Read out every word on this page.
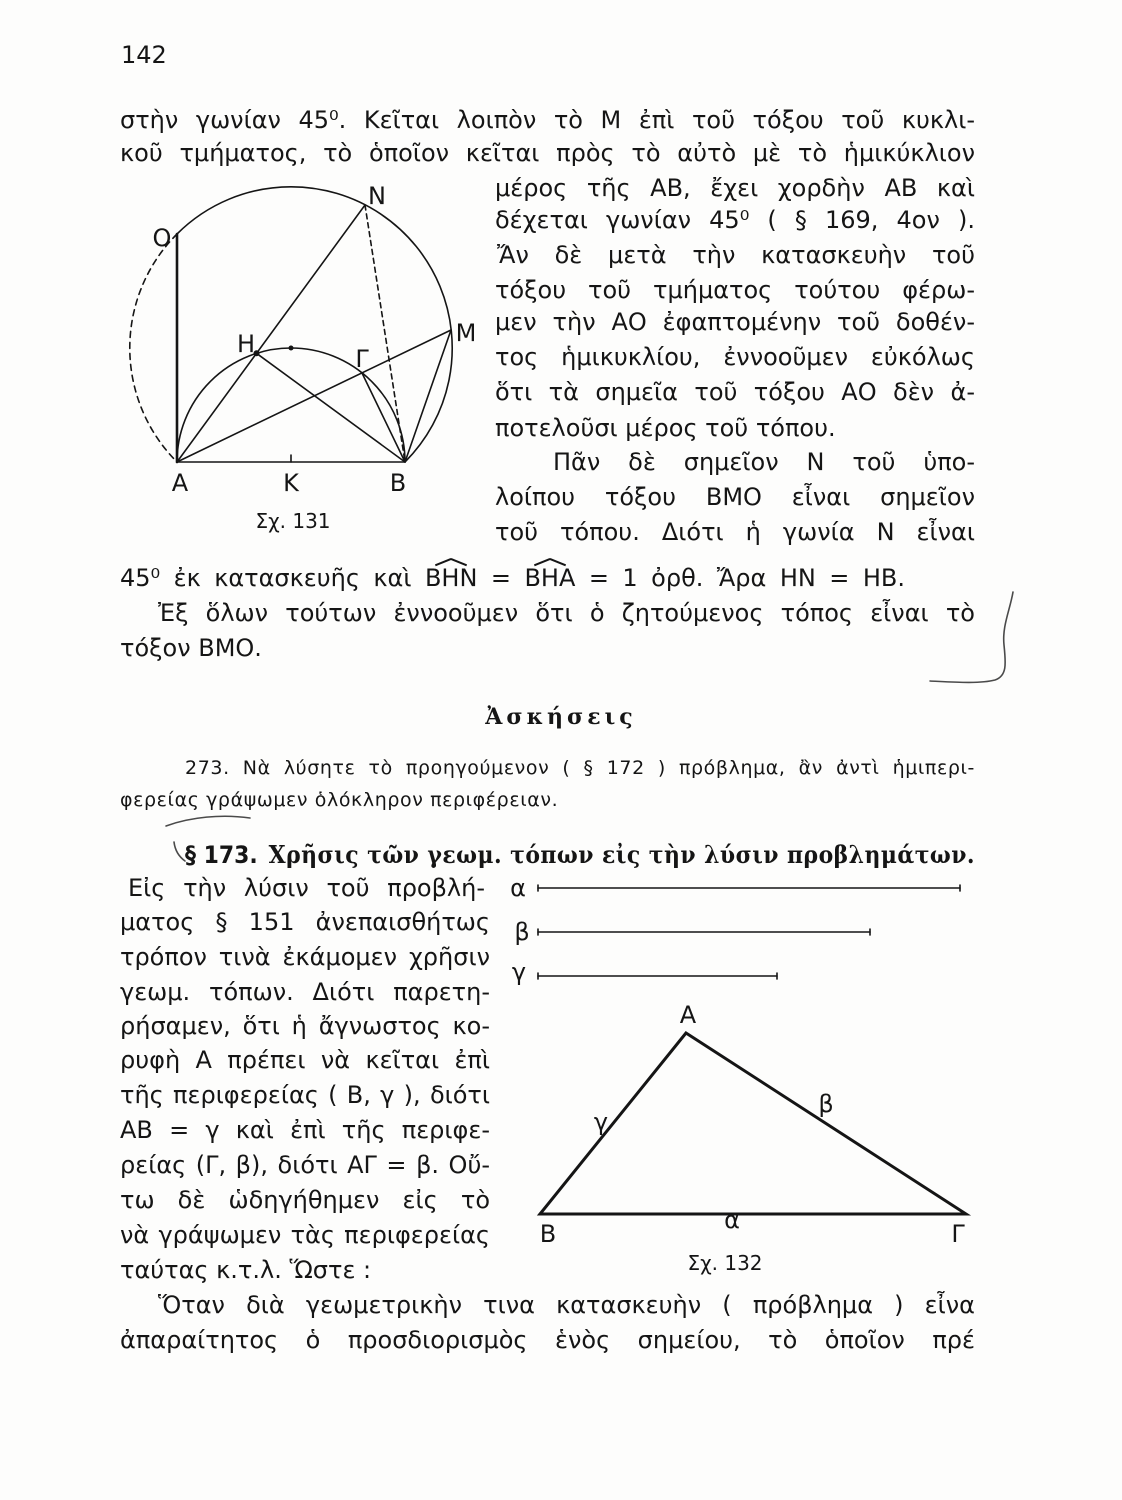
142
στὴν γωνίαν 45⁰. Κεῖται λοιπὸν τὸ Μ ἐπὶ τοῦ τόξου τοῦ κυκλι-
κοῦ τμήματος, τὸ ὁποῖον κεῖται πρὸς τὸ αὐτὸ μὲ τὸ ἡμικύκλιον
μέρος τῆς ΑΒ, ἔχει χορδὴν ΑΒ καὶ
δέχεται γωνίαν 45⁰ ( § 169, 4ον ).
Ἄν δὲ μετὰ τὴν κατασκευὴν τοῦ
τόξου τοῦ τμήματος τούτου φέρω-
μεν τὴν ΑΟ ἐφαπτομένην τοῦ δοθέν-
τος ἡμικυκλίου, ἐννοοῦμεν εὐκόλως
ὅτι τὰ σημεῖα τοῦ τόξου ΑΟ δὲν ἀ-
ποτελοῦσι μέρος τοῦ τόπου.
Πᾶν δὲ σημεῖον Ν τοῦ ὑπο-
λοίπου τόξου ΒΜΟ εἶναι σημεῖον
τοῦ τόπου. Διότι ἡ γωνία Ν εἶναι
45⁰ ἐκ κατασκευῆς καὶ ΒΗΝ = ΒΗΑ = 1 ὀρθ. Ἄρα ΗΝ = ΗΒ.
Ἐξ ὅλων τούτων ἐννοοῦμεν ὅτι ὁ ζητούμενος τόπος εἶναι τὸ
τόξον ΒΜΟ.
Ο
Ν
Μ
Η
Γ
Α	Κ	Β
Σχ. 131
Ἀσκήσεις
273. Νὰ λύσητε τὸ προηγούμενον ( § 172 ) πρόβλημα, ἂν ἀντὶ ἡμιπερι-
φερείας γράψωμεν ὁλόκληρον περιφέρειαν.
§ 173. Χρῆσις τῶν γεωμ. τόπων εἰς τὴν λύσιν προβλημάτων.
Εἰς τὴν λύσιν τοῦ προβλή-
ματος § 151 ἀνεπαισθήτως
τρόπον τινὰ ἐκάμομεν χρῆσιν
γεωμ. τόπων. Διότι παρετη-
ρήσαμεν, ὅτι ἡ ἄγνωστος κο-
ρυφὴ Α πρέπει νὰ κεῖται ἐπὶ
τῆς περιφερείας ( Β, γ ), διότι
ΑΒ = γ καὶ ἐπὶ τῆς περιφε-
ρείας (Γ, β), διότι ΑΓ = β. Οὔ-
τω δὲ ὡδηγήθημεν εἰς τὸ
νὰ γράψωμεν τὰς περιφερείας
ταύτας κ.τ.λ. Ὥστε :
α
β
γ
Α
Β	Γ
γ
β
α
Σχ. 132
Ὅταν διὰ γεωμετρικὴν τινα κατασκευὴν ( πρόβλημα ) εἶνα
ἀπαραίτητος ὁ προσδιορισμὸς ἑνὸς σημείου, τὸ ὁποῖον πρέ
